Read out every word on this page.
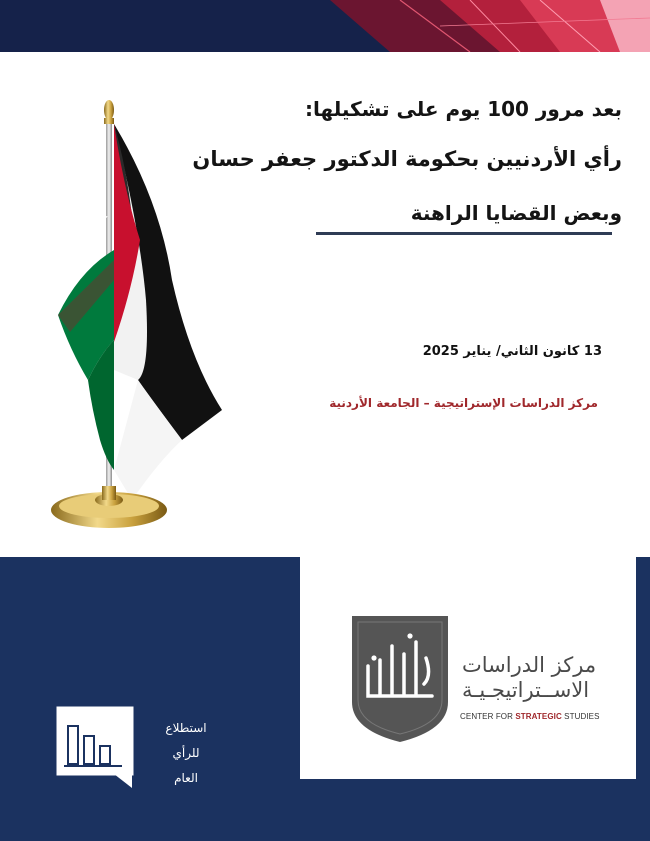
بعد مرور 100 يوم على تشكيلها:
رأي الأردنيين بحكومة الدكتور جعفر حسان
وبعض القضايا الراهنة
13 كانون الثاني/ يناير 2025
مركز الدراسات الإستراتيجية – الجامعة الأردنية
مركز الدراسات
الاســتراتيجـيـة
CENTER FOR STRATEGIC STUDIES
استطلاع
للرأي
العام
